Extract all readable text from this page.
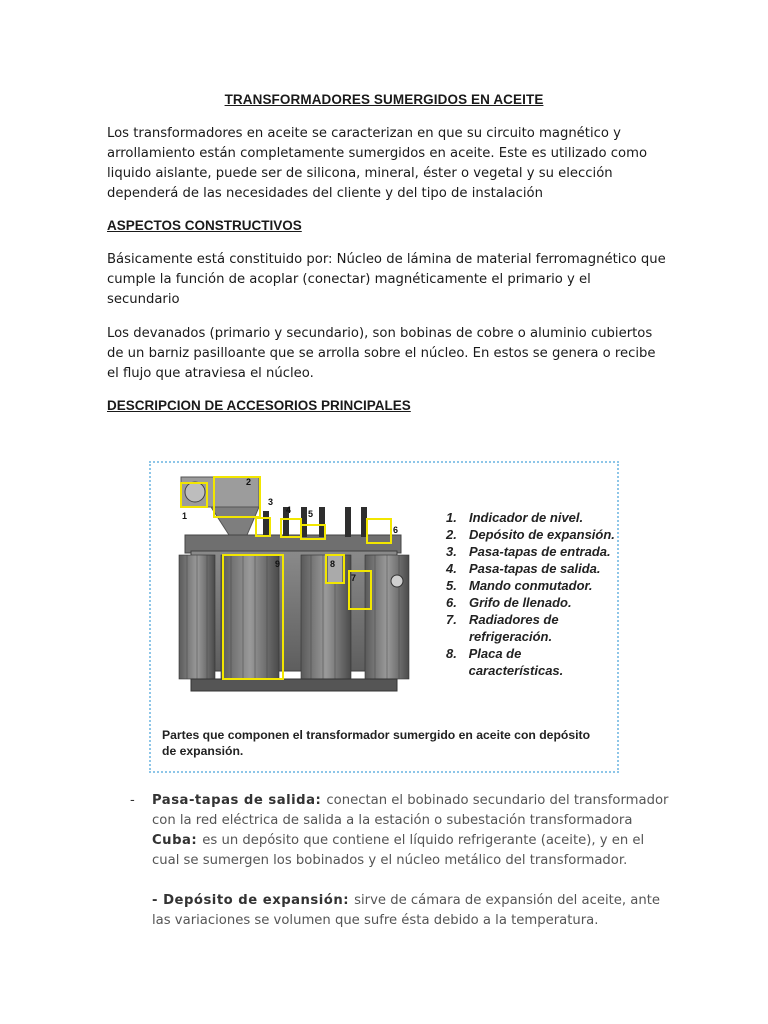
TRANSFORMADORES SUMERGIDOS EN ACEITE
Los transformadores en aceite se caracterizan en que su circuito magnético y arrollamiento están completamente sumergidos en aceite. Este es utilizado como liquido aislante, puede ser de silicona, mineral, éster o vegetal y su elección dependerá de las necesidades del cliente y del tipo de instalación
ASPECTOS CONSTRUCTIVOS
Básicamente está constituido por: Núcleo de lámina de material ferromagnético que cumple la función de acoplar (conectar) magnéticamente el primario y el secundario
Los devanados (primario y secundario), son bobinas de cobre o aluminio cubiertos de un barniz pasilloante que se arrolla sobre el núcleo. En estos se genera o recibe el flujo que atraviesa el núcleo.
DESCRIPCION DE ACCESORIOS PRINCIPALES
1
2
3
4 5
6
7
8
9
1. Indicador de nivel.
2. Depósito de expansión.
3. Pasa-tapas de entrada.
4. Pasa-tapas de salida.
5. Mando conmutador.
6. Grifo de llenado.
7. Radiadores de
refrigeración.
8. Placa de características.
Partes que componen el transformador sumergido en aceite con depósito de expansión.
-	Pasa-tapas de salida: conectan el bobinado secundario del transformador con la red eléctrica de salida a la estación o subestación transformadora
Cuba: es un depósito que contiene el líquido refrigerante (aceite), y en el cual se sumergen los bobinados y el núcleo metálico del transformador.
- Depósito de expansión: sirve de cámara de expansión del aceite, ante las variaciones se volumen que sufre ésta debido a la temperatura.
